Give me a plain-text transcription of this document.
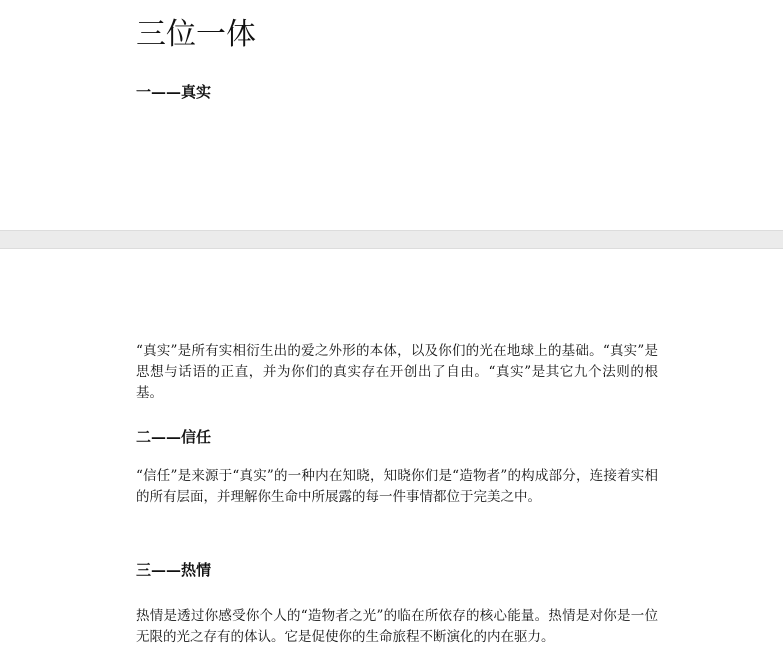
三位一体
一——真实

“真实”是所有实相衍生出的爱之外形的本体，以及你们的光在地球上的基础。“真实”是思想与话语的正直，并为你们的真实存在开创出了自由。“真实”是其它九个法则的根基。

二——信任

“信任”是来源于“真实”的一种内在知晓，知晓你们是“造物者”的构成部分，连接着实相的所有层面，并理解你生命中所展露的每一件事情都位于完美之中。

三——热情

热情是透过你感受你个人的“造物者之光”的临在所依存的核心能量。热情是对你是一位无限的光之存有的体认。它是促使你的生命旅程不断演化的内在驱力。
